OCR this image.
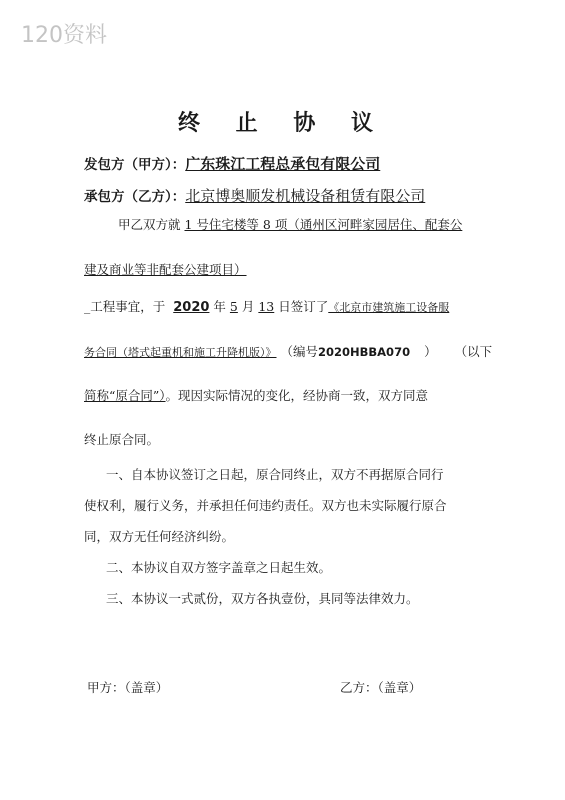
120资料
终 止 协 议
发包方（甲方）：广东珠江工程总承包有限公司
承包方（乙方）：北京博奥顺发机械设备租赁有限公司
甲乙双方就 1 号住宅楼等 8 项（通州区河畔家园居住、配套公
建及商业等非配套公建项目）
_工程事宜，于 2020 年 5 月 13 日签订了《北京市建筑施工设备服
务合同（塔式起重机和施工升降机版）》 （编号2020HBBA070 ） （以下
简称“原合同”）。现因实际情况的变化，经协商一致，双方同意
终止原合同。
一、自本协议签订之日起，原合同终止，双方不再据原合同行
使权利，履行义务，并承担任何违约责任。双方也未实际履行原合
同，双方无任何经济纠纷。
二、本协议自双方签字盖章之日起生效。
三、本协议一式贰份，双方各执壹份，具同等法律效力。
甲方：（盖章）	乙方：（盖章）
